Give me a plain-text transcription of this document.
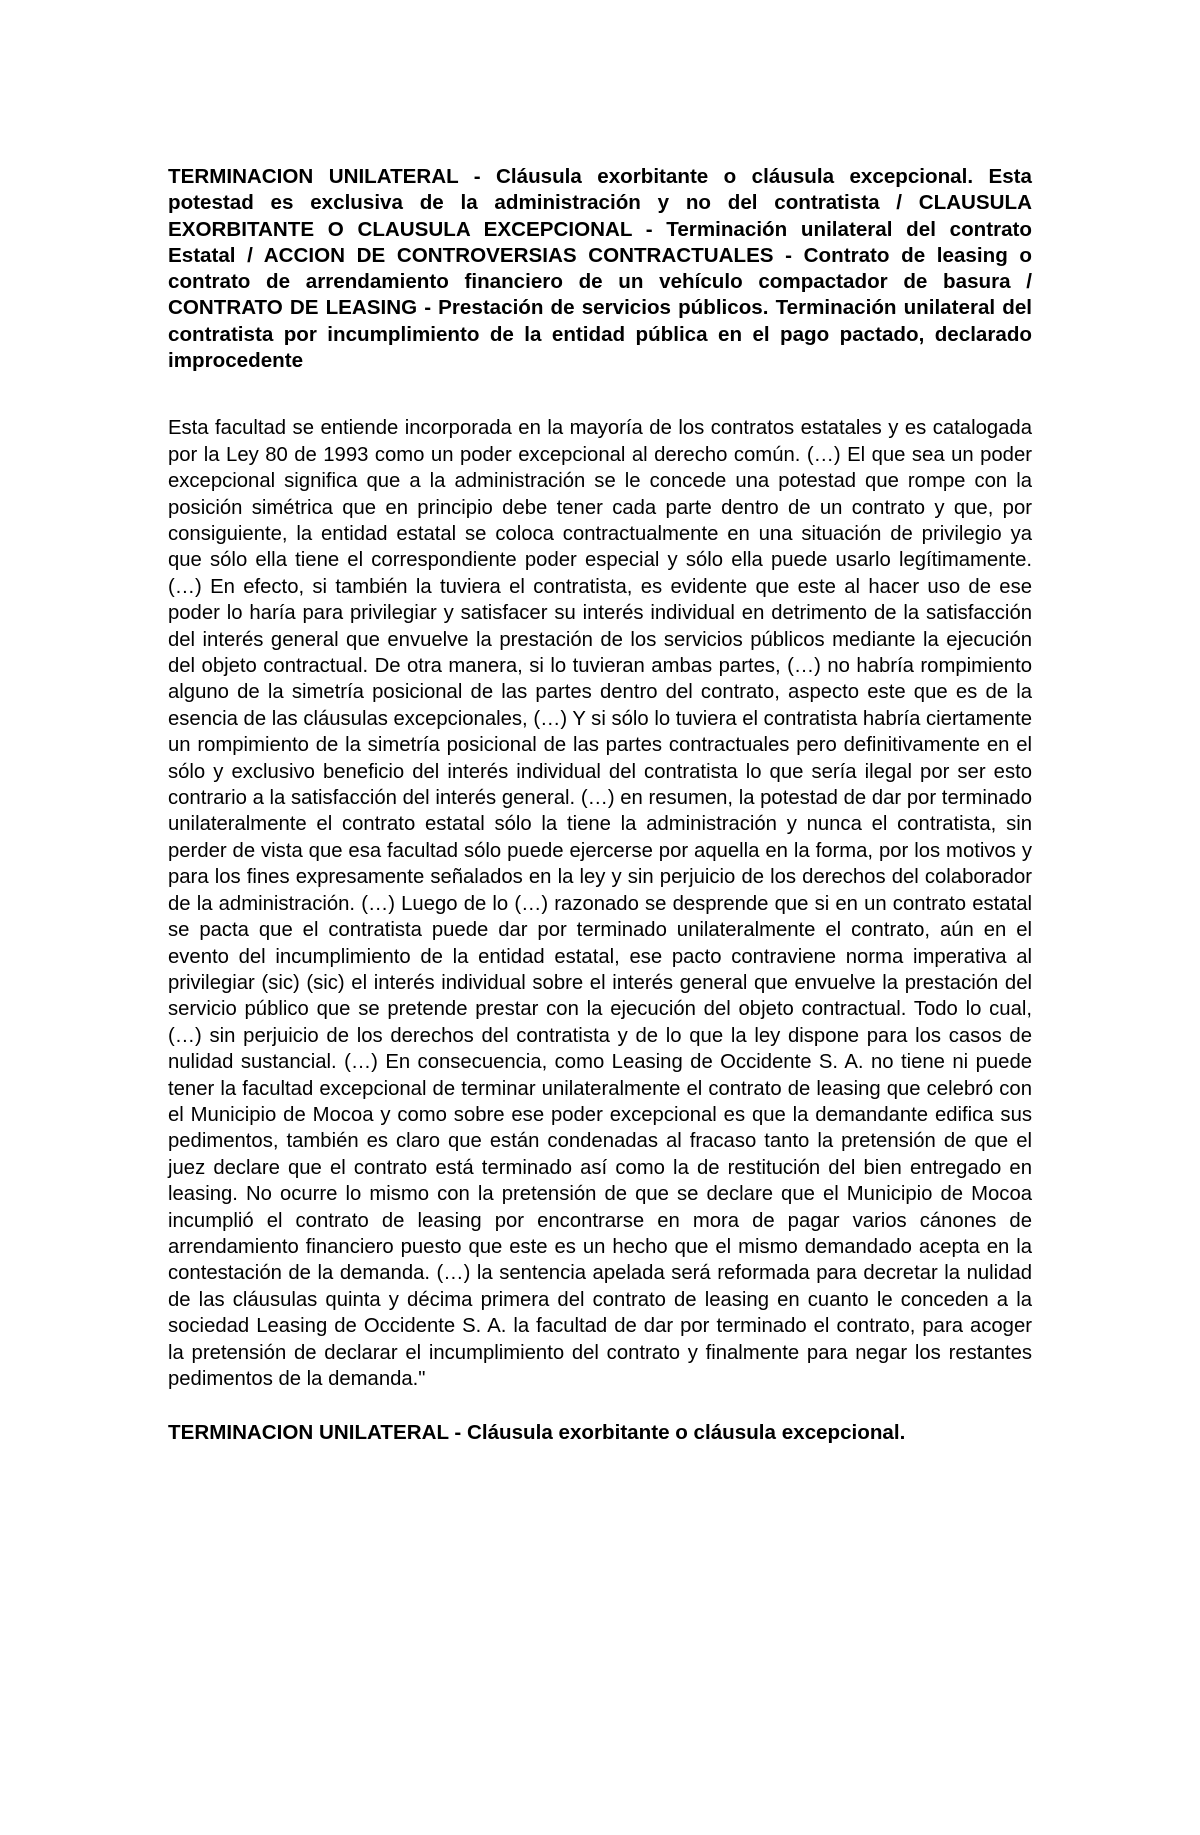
TERMINACION UNILATERAL - Cláusula exorbitante o cláusula excepcional. Esta potestad es exclusiva de la administración y no del contratista / CLAUSULA EXORBITANTE O CLAUSULA EXCEPCIONAL - Terminación unilateral del contrato Estatal / ACCION DE CONTROVERSIAS CONTRACTUALES - Contrato de leasing o contrato de arrendamiento financiero de un vehículo compactador de basura / CONTRATO DE LEASING - Prestación de servicios públicos. Terminación unilateral del contratista por incumplimiento de la entidad pública en el pago pactado, declarado improcedente

Esta facultad se entiende incorporada en la mayoría de los contratos estatales y es catalogada por la Ley 80 de 1993 como un poder excepcional al derecho común. (…) El que sea un poder excepcional significa que a la administración se le concede una potestad que rompe con la posición simétrica que en principio debe tener cada parte dentro de un contrato y que, por consiguiente, la entidad estatal se coloca contractualmente en una situación de privilegio ya que sólo ella tiene el correspondiente poder especial y sólo ella puede usarlo legítimamente. (…) En efecto, si también la tuviera el contratista, es evidente que este al hacer uso de ese poder lo haría para privilegiar y satisfacer su interés individual en detrimento de la satisfacción del interés general que envuelve la prestación de los servicios públicos mediante la ejecución del objeto contractual. De otra manera, si lo tuvieran ambas partes, (…) no habría rompimiento alguno de la simetría posicional de las partes dentro del contrato, aspecto este que es de la esencia de las cláusulas excepcionales, (…) Y si sólo lo tuviera el contratista habría ciertamente un rompimiento de la simetría posicional de las partes contractuales pero definitivamente en el sólo y exclusivo beneficio del interés individual del contratista lo que sería ilegal por ser esto contrario a la satisfacción del interés general. (…) en resumen, la potestad de dar por terminado unilateralmente el contrato estatal sólo la tiene la administración y nunca el contratista, sin perder de vista que esa facultad sólo puede ejercerse por aquella en la forma, por los motivos y para los fines expresamente señalados en la ley y sin perjuicio de los derechos del colaborador de la administración. (…) Luego de lo (…) razonado se desprende que si en un contrato estatal se pacta que el contratista puede dar por terminado unilateralmente el contrato, aún en el evento del incumplimiento de la entidad estatal, ese pacto contraviene norma imperativa al privilegiar (sic) (sic) el interés individual sobre el interés general que envuelve la prestación del servicio público que se pretende prestar con la ejecución del objeto contractual. Todo lo cual, (…) sin perjuicio de los derechos del contratista y de lo que la ley dispone para los casos de nulidad sustancial. (…) En consecuencia, como Leasing de Occidente S. A. no tiene ni puede tener la facultad excepcional de terminar unilateralmente el contrato de leasing que celebró con el Municipio de Mocoa y como sobre ese poder excepcional es que la demandante edifica sus pedimentos, también es claro que están condenadas al fracaso tanto la pretensión de que el juez declare que el contrato está terminado así como la de restitución del bien entregado en leasing. No ocurre lo mismo con la pretensión de que se declare que el Municipio de Mocoa incumplió el contrato de leasing por encontrarse en mora de pagar varios cánones de arrendamiento financiero puesto que este es un hecho que el mismo demandado acepta en la contestación de la demanda. (…) la sentencia apelada será reformada para decretar la nulidad de las cláusulas quinta y décima primera del contrato de leasing en cuanto le conceden a la sociedad Leasing de Occidente S. A. la facultad de dar por terminado el contrato, para acoger la pretensión de declarar el incumplimiento del contrato y finalmente para negar los restantes pedimentos de la demanda."

TERMINACION UNILATERAL - Cláusula exorbitante o cláusula excepcional.
